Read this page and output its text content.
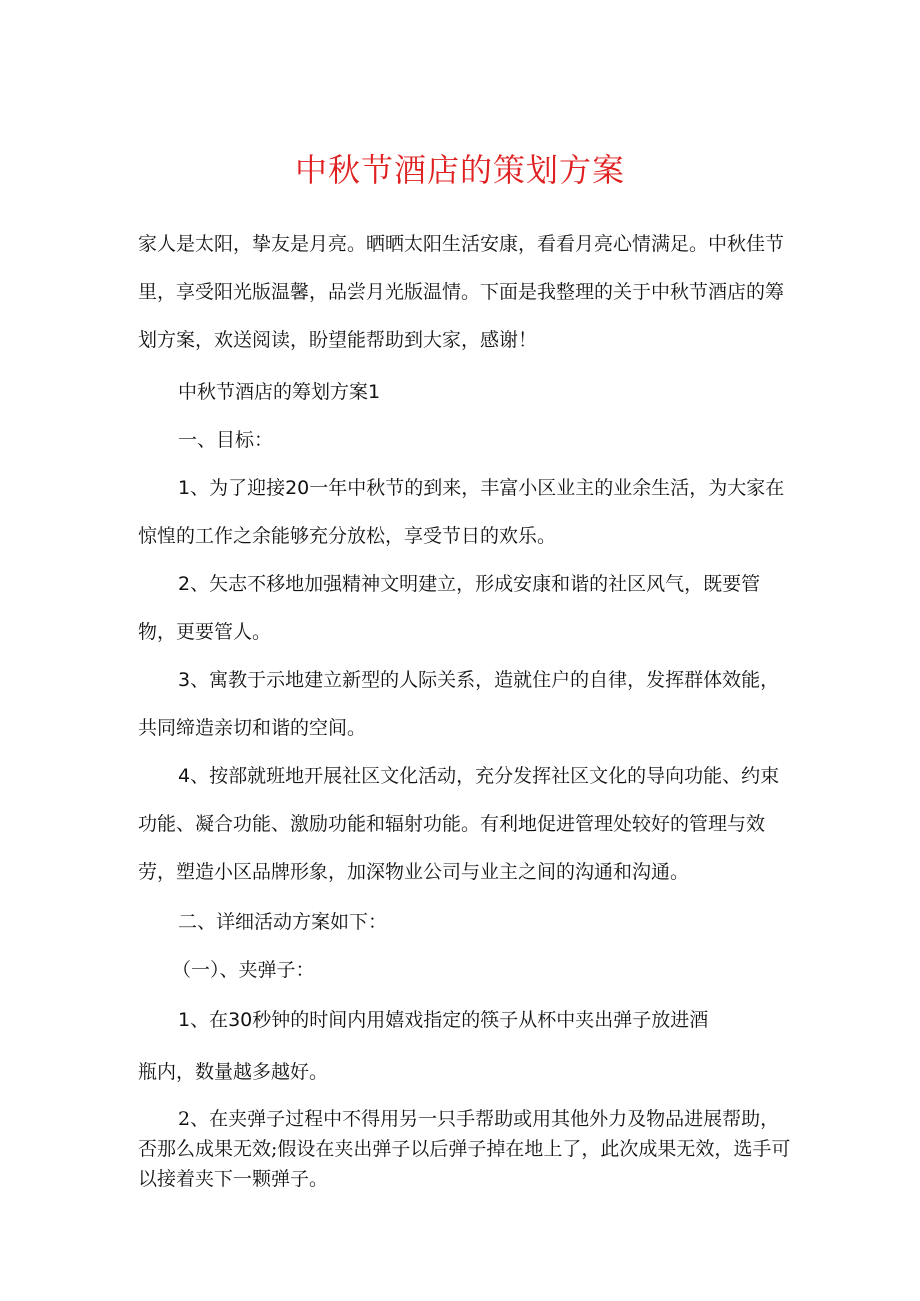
中秋节酒店的策划方案

家人是太阳，挚友是月亮。晒晒太阳生活安康，看看月亮心情满足。中秋佳节里，享受阳光版温馨，品尝月光版温情。下面是我整理的关于中秋节酒店的筹划方案，欢送阅读，盼望能帮助到大家，感谢！

中秋节酒店的筹划方案1
一、目标：

1、为了迎接20一年中秋节的到来，丰富小区业主的业余生活，为大家在惊惶的工作之余能够充分放松，享受节日的欢乐。

2、矢志不移地加强精神文明建立，形成安康和谐的社区风气，既要管物，更要管人。

3、寓教于示地建立新型的人际关系，造就住户的自律，发挥群体效能，共同缔造亲切和谐的空间。

4、按部就班地开展社区文化活动，充分发挥社区文化的导向功能、约束功能、凝合功能、激励功能和辐射功能。有利地促进管理处较好的管理与效劳，塑造小区品牌形象，加深物业公司与业主之间的沟通和沟通。

二、详细活动方案如下：
（一）、夹弹子：
1、在30秒钟的时间内用嬉戏指定的筷子从杯中夹出弹子放进酒
瓶内，数量越多越好。

2、在夹弹子过程中不得用另一只手帮助或用其他外力及物品进展帮助，否那么成果无效;假设在夹出弹子以后弹子掉在地上了，此次成果无效，选手可以接着夹下一颗弹子。
